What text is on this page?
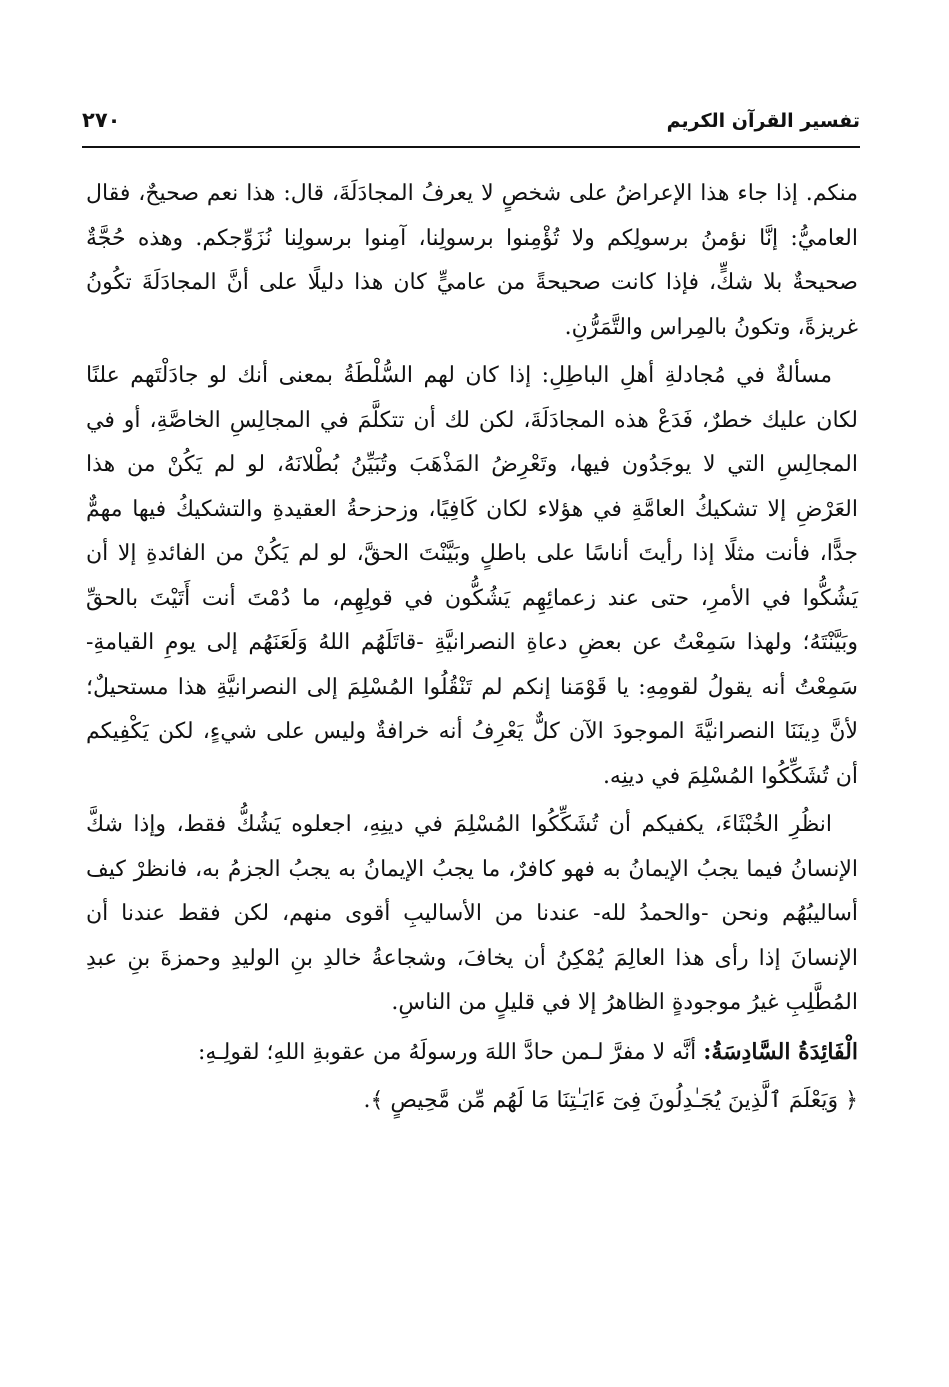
تفسير القرآن الكريم
٢٧٠

منكم. إذا جاء هذا الإعراضُ على شخصٍ لا يعرفُ المجادَلَةَ، قال: هذا نعم صحيحٌ، فقال العاميُّ: إنَّا نؤمنُ برسولِكم ولا تُؤْمِنوا برسولِنا، آمِنوا برسولِنا نُزَوِّجكم. وهذه حُجَّةٌ صحيحةٌ بلا شكٍّ، فإذا كانت صحيحةً من عاميٍّ كان هذا دليلًا على أنَّ المجادَلَةَ تكُونُ غريزةً، وتكونُ بالمِراس والتَّمَرُّنِ.

مسألةٌ في مُجادلةِ أهلِ الباطِلِ: إذا كان لهم السُّلْطَةُ بمعنى أنك لو جادَلْتَهم علنًا لكان عليك خطرٌ، فَدَعْ هذه المجادَلَةَ، لكن لك أن تتكلَّمَ في المجالِسِ الخاصَّةِ، أو في المجالِسِ التي لا يوجَدُون فيها، وتَعْرِضُ المَذْهَبَ وتُبَيِّنُ بُطْلانَهُ، لو لم يَكُنْ من هذا العَرْضِ إلا تشكيكُ العامَّةِ في هؤلاء لكان كَافِيًا، وزحزحةُ العقيدةِ والتشكيكُ فيها مهمٌّ جدًّا، فأنت مثلًا إذا رأيتَ أناسًا على باطلٍ وبَيَّنْتَ الحقَّ، لو لم يَكُنْ من الفائدةِ إلا أن يَشُكُّوا في الأمرِ، حتى عند زعمائِهِم يَشُكُّون في قولِهِم، ما دُمْتَ أنت أَتَيْتَ بالحقِّ وبَيَّنْتَهُ؛ ولهذا سَمِعْتُ عن بعضِ دعاةِ النصرانيَّةِ -قاتَلَهُم اللهُ وَلَعَنَهُم إلى يومِ القيامةِ- سَمِعْتُ أنه يقولُ لقومِهِ: يا قَوْمَنا إنكم لم تَنْقُلُوا المُسْلِمَ إلى النصرانيَّةِ هذا مستحيلٌ؛ لأنَّ دِينَنَا النصرانيَّةَ الموجودَ الآن كلٌّ يَعْرِفُ أنه خرافةٌ وليس على شيءٍ، لكن يَكْفِيكم أن تُشَكِّكُوا المُسْلِمَ في دينِه.

انظُرِ الخُبْثَاءَ، يكفيكم أن تُشَكِّكُوا المُسْلِمَ في دينِهِ، اجعلوه يَشُكُّ فقط، وإذا شكَّ الإنسانُ فيما يجبُ الإيمانُ به فهو كافرٌ، ما يجبُ الإيمانُ به يجبُ الجزمُ به، فانظرْ كيف أساليبُهُم ونحن -والحمدُ لله- عندنا من الأساليبِ أقوى منهم، لكن فقط عندنا أن الإنسانَ إذا رأى هذا العالِمَ يُمْكِنُ أن يخافَ، وشجاعةُ خالدِ بنِ الوليدِ وحمزةَ بنِ عبدِ المُطَّلِبِ غيرُ موجودةٍ الظاهرُ إلا في قليلٍ من الناسِ.

الْفَائِدَةُ السَّادِسَةُ: أنَّه لا مفرَّ لـمن حادَّ اللهَ ورسولَهُ من عقوبةِ اللهِ؛ لقولِـهِ:

﴿ وَيَعْلَمَ ٱلَّذِينَ يُجَـٰدِلُونَ فِىٓ ءَايَـٰتِنَا مَا لَهُم مِّن مَّحِيصٍ ﴾.
